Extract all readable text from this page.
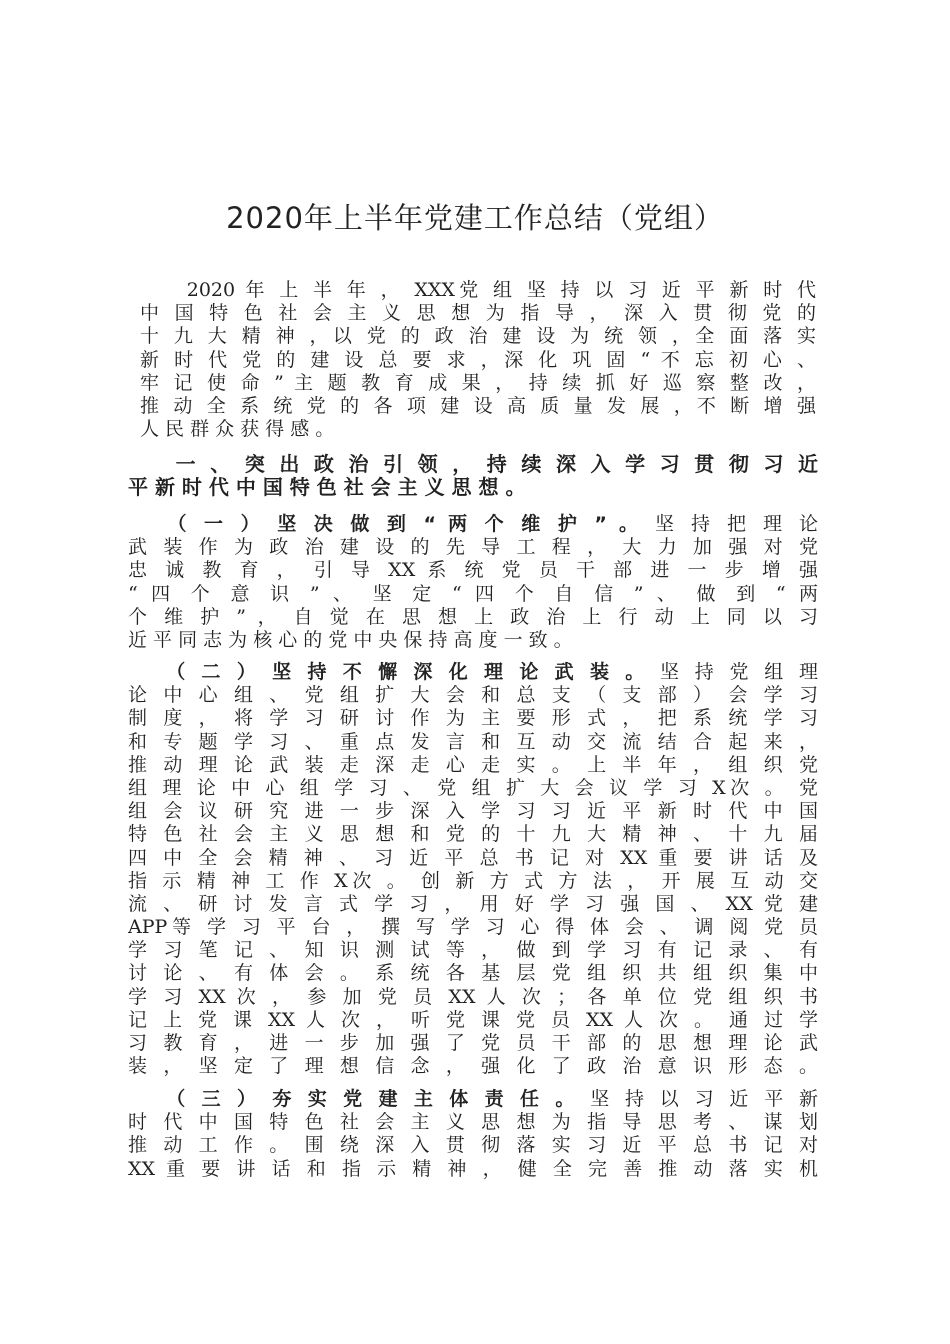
2020年上半年党建工作总结（党组）
　　2020 年 上 半 年 ， XXX党 组 坚 持 以 习 近 平 新 时 代
中 国 特 色 社 会 主 义 思 想 为 指 导 ， 深 入 贯 彻 党 的
十 九 大 精 神 ，以 党 的 政 治 建 设 为 统 领 ，全 面 落 实
新 时 代 党 的 建 设 总 要 求 ，深 化 巩 固 “ 不 忘 初 心 、
牢 记 使 命 ” 主 题 教 育 成 果 ， 持 续 抓 好 巡 察 整 改 ，
推 动 全 系 统 党 的 各 项 建 设 高 质 量 发 展 ，不 断 增 强
人 民 群 众 获 得 感 。
　　一 、 突 出 政 治 引 领 ， 持 续 深 入 学 习 贯 彻 习 近
平 新 时 代 中 国 特 色 社 会 主 义 思 想 。
　　（ 一 ） 坚 决 做 到 “ 两 个 维 护 ” 。 坚 持 把 理 论
武 装 作 为 政 治 建 设 的 先 导 工 程 ， 大 力 加 强 对 党
忠 诚 教 育 ， 引 导 XX 系 统 党 员 干 部 进 一 步 增 强
“ 四 个 意 识 ” 、 坚 定 “ 四 个 自 信 ” 、 做 到 “ 两
个 维 护 ” ， 自 觉 在 思 想 上 政 治 上 行 动 上 同 以 习
近 平 同 志 为 核 心 的 党 中 央 保 持 高 度 一 致 。
　　（ 二 ） 坚 持 不 懈 深 化 理 论 武 装 。 坚 持 党 组 理
论 中 心 组 、 党 组 扩 大 会 和 总 支 （ 支 部 ） 会 学 习
制 度 ， 将 学 习 研 讨 作 为 主 要 形 式 ， 把 系 统 学 习
和 专 题 学 习 、 重 点 发 言 和 互 动 交 流 结 合 起 来 ，
推 动 理 论 武 装 走 深 走 心 走 实 。 上 半 年 ， 组 织 党
组 理 论 中 心 组 学 习 、 党 组 扩 大 会 议 学 习 X次 。 党
组 会 议 研 究 进 一 步 深 入 学 习 习 近 平 新 时 代 中 国
特 色 社 会 主 义 思 想 和 党 的 十 九 大 精 神 、 十 九 届
四 中 全 会 精 神 、 习 近 平 总 书 记 对 XX 重 要 讲 话 及
指 示 精 神 工 作 X次 。 创 新 方 式 方 法 ， 开 展 互 动 交
流 、 研 讨 发 言 式 学 习 ， 用 好 学 习 强 国 、 XX 党 建
APP等 学 习 平 台 ， 撰 写 学 习 心 得 体 会 、 调 阅 党 员
学 习 笔 记 、 知 识 测 试 等 ， 做 到 学 习 有 记 录 、 有
讨 论 、 有 体 会 。 系 统 各 基 层 党 组 织 共 组 织 集 中
学 习 XX 次 ， 参 加 党 员 XX 人 次 ； 各 单 位 党 组 织 书
记 上 党 课 XX 人 次 ， 听 党 课 党 员 XX 人 次 。 通 过 学
习 教 育 ， 进 一 步 加 强 了 党 员 干 部 的 思 想 理 论 武
装 ， 坚 定 了 理 想 信 念 ， 强 化 了 政 治 意 识 形 态 。
　　（ 三 ） 夯 实 党 建 主 体 责 任 。 坚 持 以 习 近 平 新
时 代 中 国 特 色 社 会 主 义 思 想 为 指 导 思 考 、 谋 划
推 动 工 作 。 围 绕 深 入 贯 彻 落 实 习 近 平 总 书 记 对
XX 重 要 讲 话 和 指 示 精 神 ， 健 全 完 善 推 动 落 实 机
